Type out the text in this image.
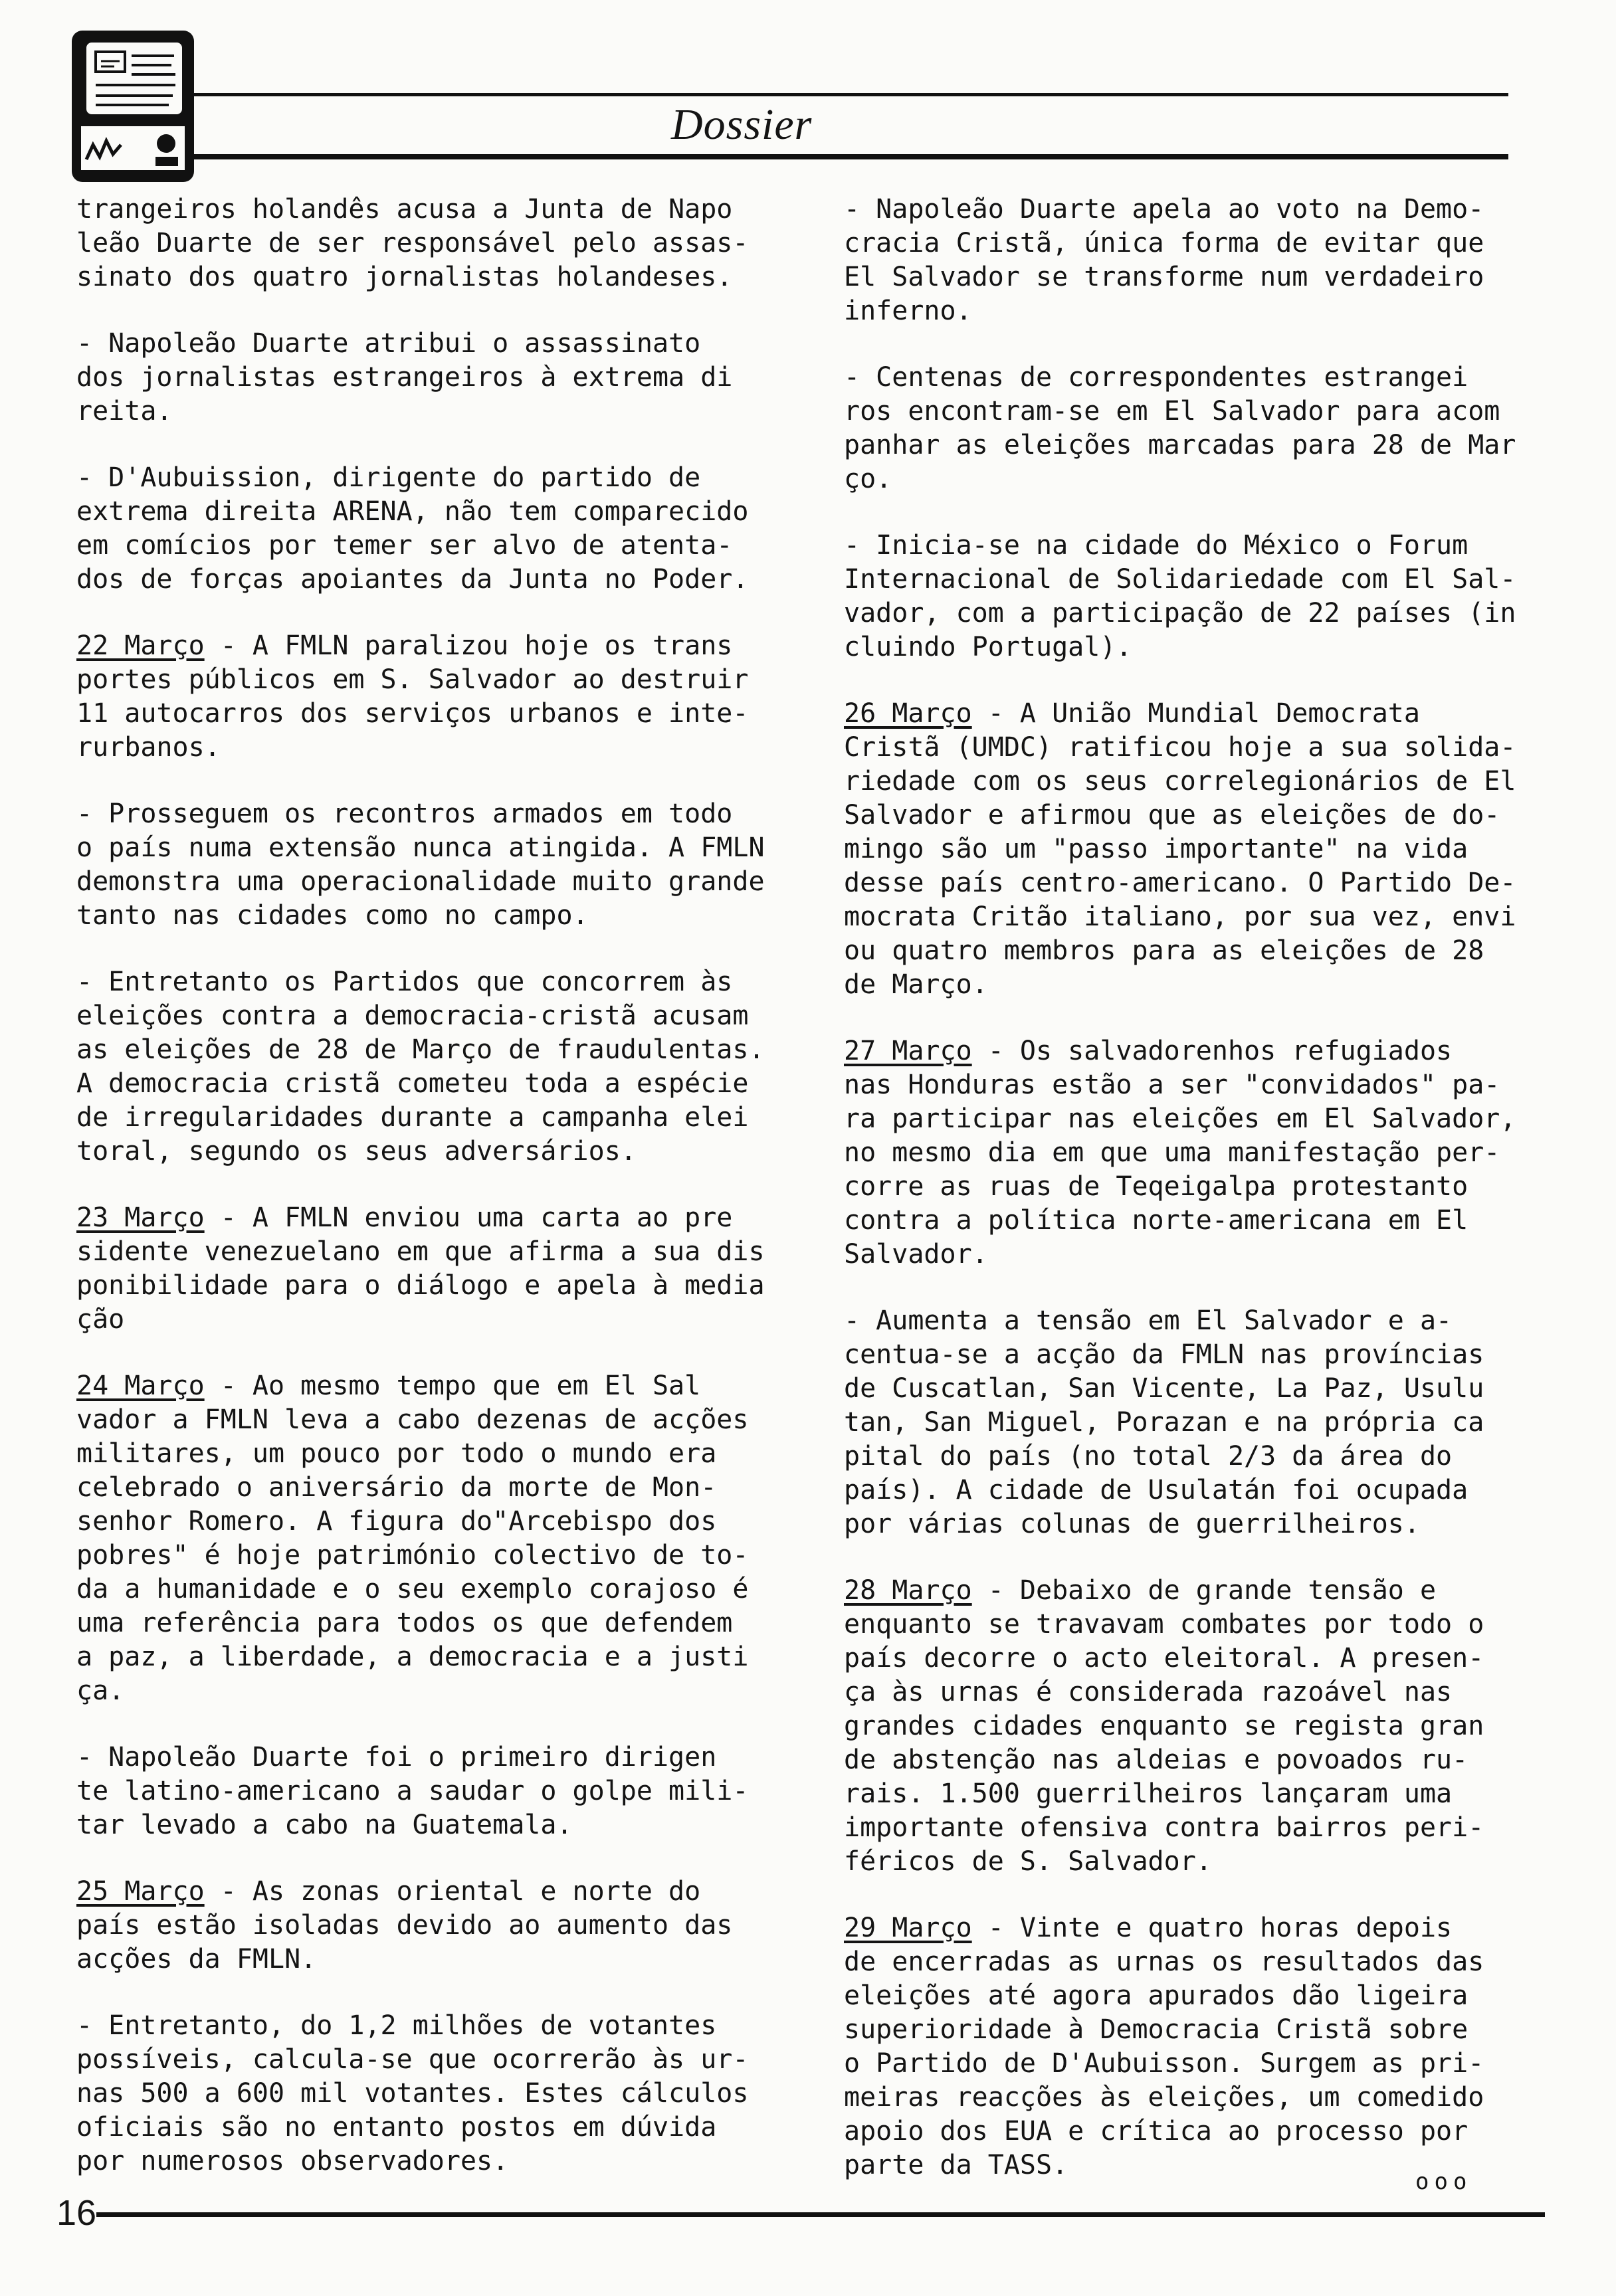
Dossier

trangeiros holandês acusa a Junta de Napo
leão Duarte de ser responsável pelo assas-
sinato dos quatro jornalistas holandeses.

- Napoleão Duarte atribui o assassinato
dos jornalistas estrangeiros à extrema di
reita.

- D'Aubuission, dirigente do partido de
extrema direita ARENA, não tem comparecido
em comícios por temer ser alvo de atenta-
dos de forças apoiantes da Junta no Poder.

22 Março - A FMLN paralizou hoje os trans
portes públicos em S. Salvador ao destruir
11 autocarros dos serviços urbanos e inte-
rurbanos.

- Prosseguem os recontros armados em todo
o país numa extensão nunca atingida. A FMLN
demonstra uma operacionalidade muito grande
tanto nas cidades como no campo.

- Entretanto os Partidos que concorrem às
eleições contra a democracia-cristã acusam
as eleições de 28 de Março de fraudulentas.
A democracia cristã cometeu toda a espécie
de irregularidades durante a campanha elei
toral, segundo os seus adversários.

23 Março - A FMLN enviou uma carta ao pre
sidente venezuelano em que afirma a sua dis
ponibilidade para o diálogo e apela à media
ção

24 Março - Ao mesmo tempo que em El Sal
vador a FMLN leva a cabo dezenas de acções
militares, um pouco por todo o mundo era
celebrado o aniversário da morte de Mon-
senhor Romero. A figura do"Arcebispo dos
pobres" é hoje património colectivo de to-
da a humanidade e o seu exemplo corajoso é
uma referência para todos os que defendem
a paz, a liberdade, a democracia e a justi
ça.

- Napoleão Duarte foi o primeiro dirigen
te latino-americano a saudar o golpe mili-
tar levado a cabo na Guatemala.

25 Março - As zonas oriental e norte do
país estão isoladas devido ao aumento das
acções da FMLN.

- Entretanto, do 1,2 milhões de votantes
possíveis, calcula-se que ocorrerão às ur-
nas 500 a 600 mil votantes. Estes cálculos
oficiais são no entanto postos em dúvida
por numerosos observadores.

- Napoleão Duarte apela ao voto na Demo-
cracia Cristã, única forma de evitar que
El Salvador se transforme num verdadeiro
inferno.

- Centenas de correspondentes estrangei
ros encontram-se em El Salvador para acom
panhar as eleições marcadas para 28 de Mar
ço.

- Inicia-se na cidade do México o Forum
Internacional de Solidariedade com El Sal-
vador, com a participação de 22 países (in
cluindo Portugal).

26 Março - A União Mundial Democrata
Cristã (UMDC) ratificou hoje a sua solida-
riedade com os seus correlegionários de El
Salvador e afirmou que as eleições de do-
mingo são um "passo importante" na vida
desse país centro-americano. O Partido De-
mocrata Critão italiano, por sua vez, envi
ou quatro membros para as eleições de 28
de Março.

27 Março - Os salvadorenhos refugiados
nas Honduras estão a ser "convidados" pa-
ra participar nas eleições em El Salvador,
no mesmo dia em que uma manifestação per-
corre as ruas de Teqeigalpa protestanto
contra a política norte-americana em El
Salvador.

- Aumenta a tensão em El Salvador e a-
centua-se a acção da FMLN nas províncias
de Cuscatlan, San Vicente, La Paz, Usulu
tan, San Miguel, Porazan e na própria ca
pital do país (no total 2/3 da área do
país). A cidade de Usulatán foi ocupada
por várias colunas de guerrilheiros.

28 Março - Debaixo de grande tensão e
enquanto se travavam combates por todo o
país decorre o acto eleitoral. A presen-
ça às urnas é considerada razoável nas
grandes cidades enquanto se regista gran
de abstenção nas aldeias e povoados ru-
rais. 1.500 guerrilheiros lançaram uma
importante ofensiva contra bairros peri-
féricos de S. Salvador.

29 Março - Vinte e quatro horas depois
de encerradas as urnas os resultados das
eleições até agora apurados dão ligeira
superioridade à Democracia Cristã sobre
o Partido de D'Aubuisson. Surgem as pri-
meiras reacções às eleições, um comedido
apoio dos EUA e crítica ao processo por
parte da TASS.

ooo
16
